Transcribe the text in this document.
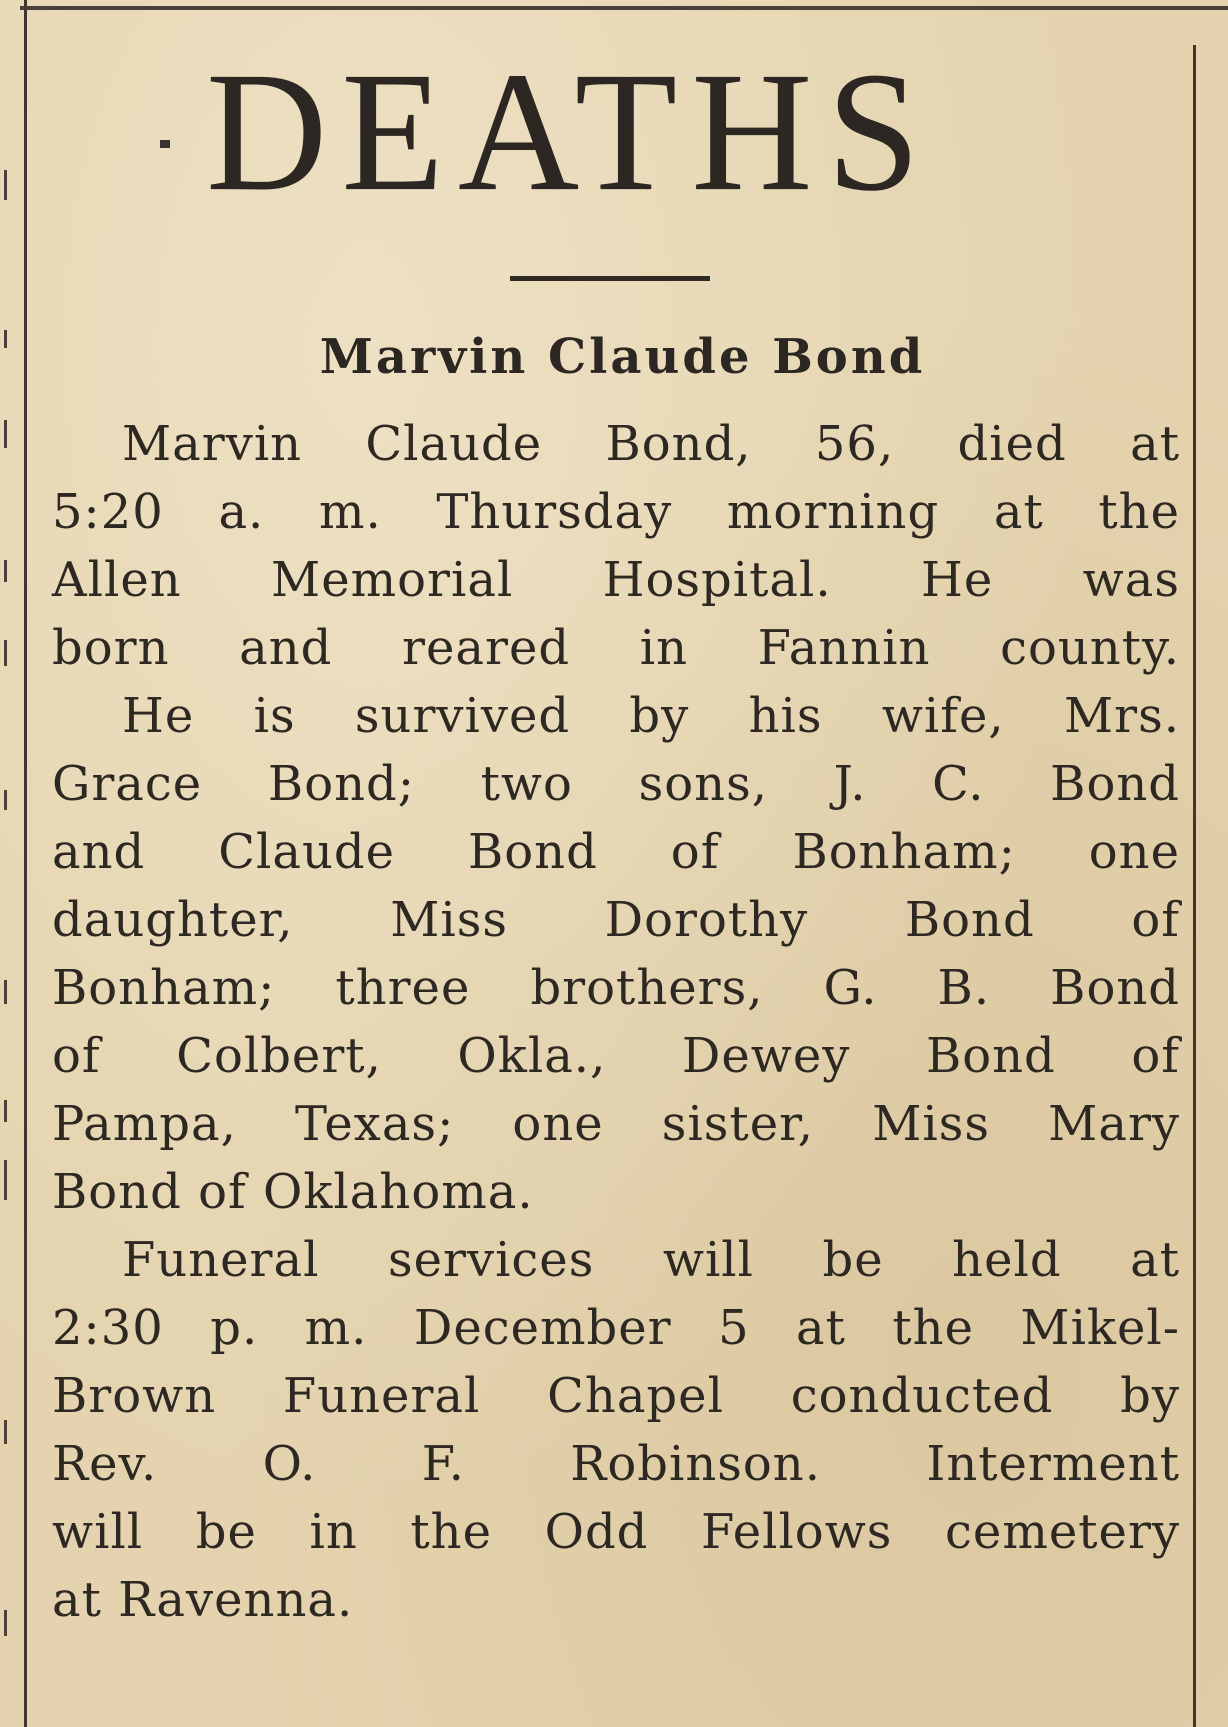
DEATHS
Marvin Claude Bond
Marvin Claude Bond, 56, died at
5:20 a. m. Thursday morning at the
Allen Memorial Hospital. He was
born and reared in Fannin county.
He is survived by his wife, Mrs.
Grace Bond; two sons, J. C. Bond
and Claude Bond of Bonham; one
daughter, Miss Dorothy Bond of
Bonham; three brothers, G. B. Bond
of Colbert, Okla., Dewey Bond of
Pampa, Texas; one sister, Miss Mary
Bond of Oklahoma.
Funeral services will be held at
2:30 p. m. December 5 at the Mikel-
Brown Funeral Chapel conducted by
Rev. O. F. Robinson. Interment
will be in the Odd Fellows cemetery
at Ravenna.
